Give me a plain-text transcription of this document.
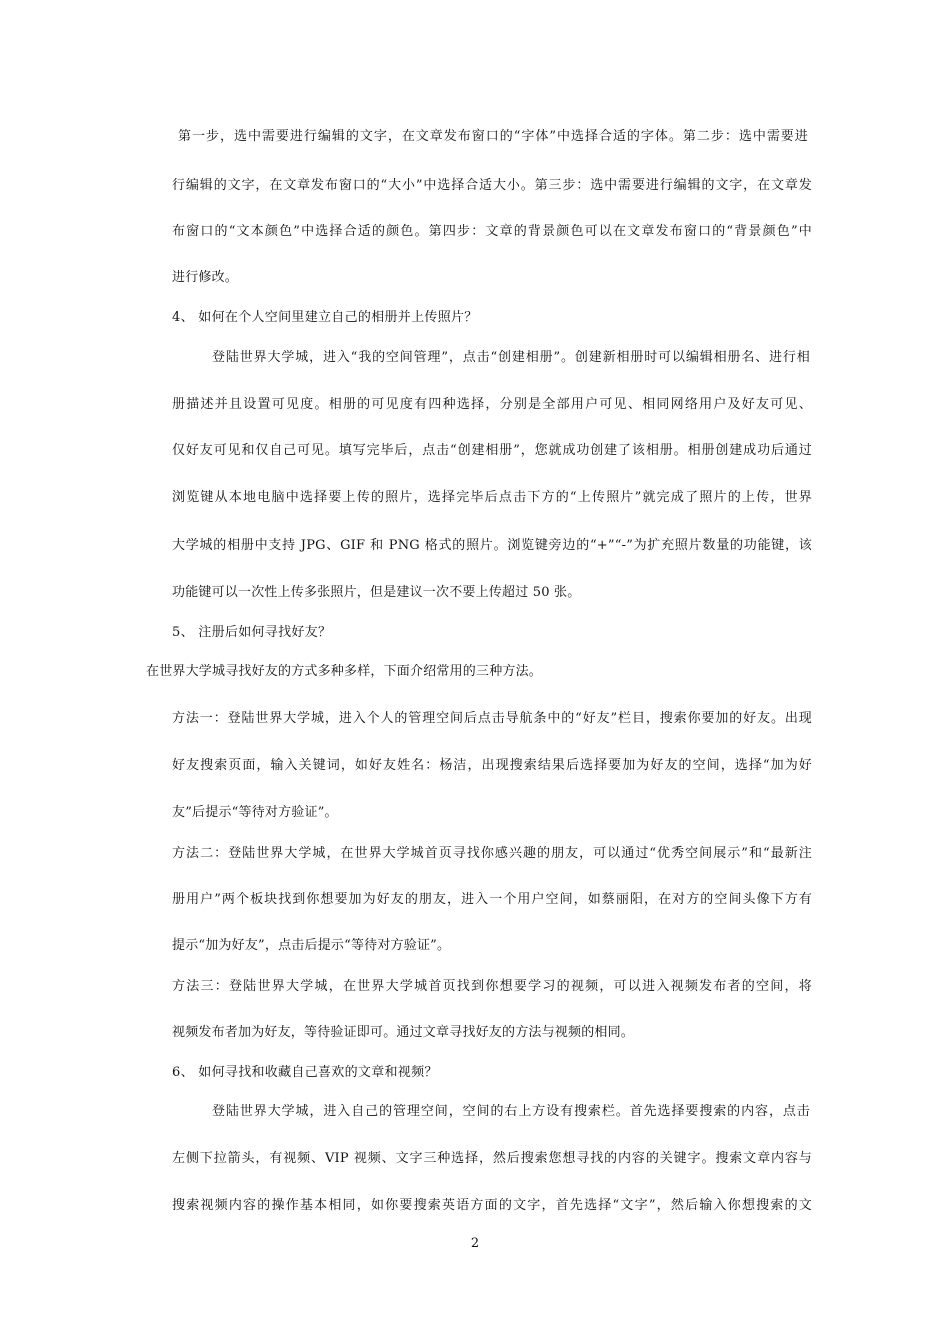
第一步，选中需要进行编辑的文字，在文章发布窗口的“字体”中选择合适的字体。第二步：选中需要进
行编辑的文字，在文章发布窗口的“大小”中选择合适大小。第三步：选中需要进行编辑的文字，在文章发
布窗口的“文本颜色”中选择合适的颜色。第四步：文章的背景颜色可以在文章发布窗口的“背景颜色”中
进行修改。
4、 如何在个人空间里建立自己的相册并上传照片？
登陆世界大学城，进入“我的空间管理”，点击“创建相册”。创建新相册时可以编辑相册名、进行相
册描述并且设置可见度。相册的可见度有四种选择，分别是全部用户可见、相同网络用户及好友可见、
仅好友可见和仅自己可见。填写完毕后，点击“创建相册”，您就成功创建了该相册。相册创建成功后通过
浏览键从本地电脑中选择要上传的照片，选择完毕后点击下方的“上传照片”就完成了照片的上传，世界
大学城的相册中支持 JPG、GIF 和 PNG 格式的照片。浏览键旁边的“+”“-”为扩充照片数量的功能键，该
功能键可以一次性上传多张照片，但是建议一次不要上传超过 50 张。
5、 注册后如何寻找好友？
在世界大学城寻找好友的方式多种多样，下面介绍常用的三种方法。
方法一：登陆世界大学城，进入个人的管理空间后点击导航条中的“好友”栏目，搜索你要加的好友。出现
好友搜索页面，输入关键词，如好友姓名：杨洁，出现搜索结果后选择要加为好友的空间，选择“加为好
友”后提示“等待对方验证”。
方法二：登陆世界大学城，在世界大学城首页寻找你感兴趣的朋友，可以通过“优秀空间展示”和“最新注
册用户”两个板块找到你想要加为好友的朋友，进入一个用户空间，如蔡丽阳，在对方的空间头像下方有
提示“加为好友”，点击后提示“等待对方验证”。
方法三：登陆世界大学城，在世界大学城首页找到你想要学习的视频，可以进入视频发布者的空间，将
视频发布者加为好友，等待验证即可。通过文章寻找好友的方法与视频的相同。
6、 如何寻找和收藏自己喜欢的文章和视频？
登陆世界大学城，进入自己的管理空间，空间的右上方设有搜索栏。首先选择要搜索的内容，点击
左侧下拉箭头，有视频、VIP 视频、文字三种选择，然后搜索您想寻找的内容的关键字。搜索文章内容与
搜索视频内容的操作基本相同，如你要搜索英语方面的文字，首先选择“文字”，然后输入你想搜索的文
2
